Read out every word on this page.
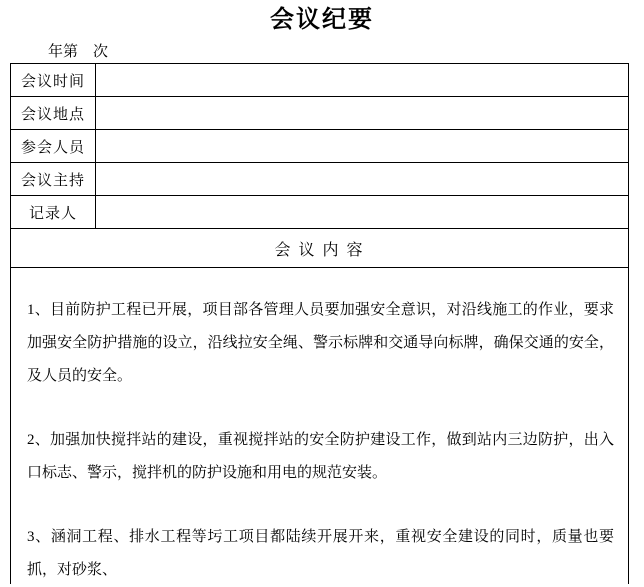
会议纪要
年第　次
会议时间
会议地点
参会人员
会议主持
记录人
会 议 内 容

1、目前防护工程已开展，项目部各管理人员要加强安全意识，对沿线施工的作业，要求加强安全防护措施的设立，沿线拉安全绳、警示标牌和交通导向标牌，确保交通的安全，及人员的安全。

2、加强加快搅拌站的建设，重视搅拌站的安全防护建设工作，做到站内三边防护，出入口标志、警示，搅拌机的防护设施和用电的规范安装。

3、涵洞工程、排水工程等圬工项目都陆续开展开来，重视安全建设的同时，质量也要抓，对砂浆、
